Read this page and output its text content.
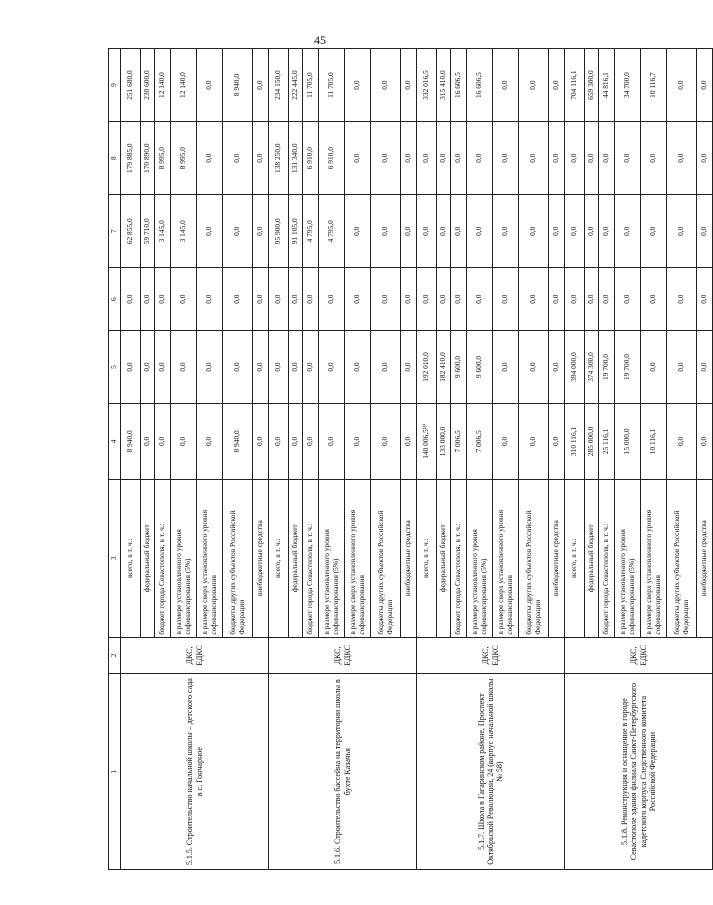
45
1	2	3	4	5	6	7	8	9
5.1.5. Строительство начальной школы – детского сада в с. Гончарное	ДКС, ЕДКС	всего, в т. ч.:	8 940,0	0,0	0,0	62 855,0	179 885,0	251 680,0
		федеральный бюджет	0,0	0,0	0,0	59 710,0	170 890,0	230 600,0
		бюджет города Севастополя, в т. ч.:	0,0	0,0	0,0	3 145,0	8 995,0	12 140,0
		в размере установленного уровня софинансирования (5%)	0,0	0,0	0,0	3 145,0	8 995,0	12 140,0
		в размере сверх установленного уровня софинансирования	0,0	0,0	0,0	0,0	0,0	0,0
		бюджеты других субъектов Российской Федерации	8 940,0	0,0	0,0	0,0	0,0	8 940,0
		внебюджетные средства	0,0	0,0	0,0	0,0	0,0	0,0
5.1.6. Строительство бассейна на территории школы в бухте Казачья	ДКС, ЕДКС	всего, в т. ч.:	0,0	0,0	0,0	95 900,0	138 250,0	234 150,0
		федеральный бюджет	0,0	0,0	0,0	91 105,0	131 340,0	222 445,0
		бюджет города Севастополя, в т. ч.:	0,0	0,0	0,0	4 795,0	6 910,0	11 705,0
		в размере установленного уровня софинансирования (5%)	0,0	0,0	0,0	4 795,0	6 910,0	11 705,0
		в размере сверх установленного уровня софинансирования	0,0	0,0	0,0	0,0	0,0	0,0
		бюджеты других субъектов Российской Федерации	0,0	0,0	0,0	0,0	0,0	0,0
		внебюджетные средства	0,0	0,0	0,0	0,0	0,0	0,0
5.1.7. Школа в Гагаринском районе, Проспект Октябрьской Революции, 24 (корпус начальной школы № 58)	ДКС, ЕДКС	всего, в т. ч.:	140 006,5¹⁰	192 010,0	0,0	0,0	0,0	332 016,5
		федеральный бюджет	133 000,0	182 410,0	0,0	0,0	0,0	315 410,0
		бюджет города Севастополя, в т. ч.:	7 006,5	9 600,0	0,0	0,0	0,0	16 606,5
		в размере установленного уровня софинансирования (5%)	7 006,5	9 600,0	0,0	0,0	0,0	16 606,5
		в размере сверх установленного уровня софинансирования	0,0	0,0	0,0	0,0	0,0	0,0
		бюджеты других субъектов Российской Федерации	0,0	0,0	0,0	0,0	0,0	0,0
		внебюджетные средства	0,0	0,0	0,0	0,0	0,0	0,0
5.1.8. Реконструкция и оснащение в городе Севастополе здания филиала Санкт-Петербургского кадетского корпуса Следственного комитета Российской Федерации	ДКС, ЕДКС	всего, в т. ч.:	310 116,1	394 000,0	0,0	0,0	0,0	704 116,1
		федеральный бюджет	285 000,0	374 300,0	0,0	0,0	0,0	659 300,0
		бюджет города Севастополя, в т. ч.:	25 116,1	19 700,0	0,0	0,0	0,0	44 816,1
		в размере установленного уровня софинансирования (5%)	15 000,0	19 700,0	0,0	0,0	0,0	34 700,0
		в размере сверх установленного уровня софинансирования	10 116,1	0,0	0,0	0,0	0,0	10 116,7
		бюджеты других субъектов Российской Федерации	0,0	0,0	0,0	0,0	0,0	0,0
		внебюджетные средства	0,0	0,0	0,0	0,0	0,0	0,0
